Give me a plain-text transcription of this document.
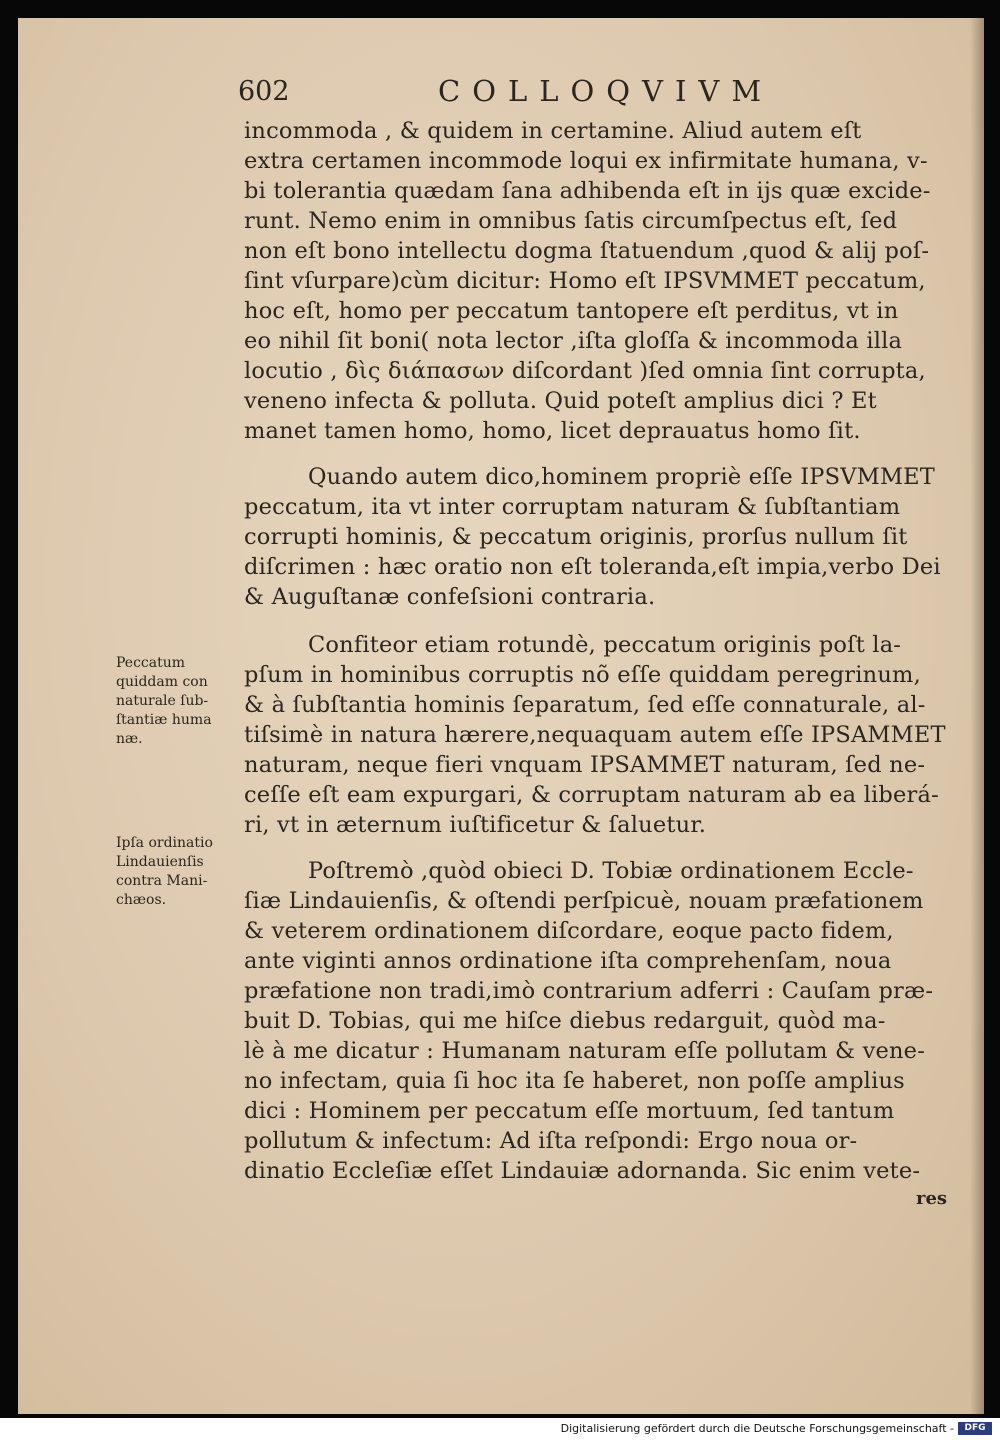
602	COLLOQVIVM
incommoda , & quidem in certamine. Aliud autem eſt
extra certamen incommode loqui ex infirmitate humana, v-
bi tolerantia quædam ſana adhibenda eſt in ijs quæ excide-
runt. Nemo enim in omnibus ſatis circumſpectus eſt, ſed
non eſt bono intellectu dogma ſtatuendum ,quod & alij poſ-
ſint vſurpare)cùm dicitur: Homo eſt IPSVMMET peccatum,
hoc eſt, homo per peccatum tantopere eſt perditus, vt in
eo nihil ſit boni( nota lector ,iſta gloſſa & incommoda illa
locutio , δὶς διάπασων diſcordant )ſed omnia ſint corrupta,
veneno infecta & polluta. Quid poteſt amplius dici ? Et
manet tamen homo, homo, licet deprauatus homo ſit.
Quando autem dico,hominem propriè eſſe IPSVMMET
peccatum, ita vt inter corruptam naturam & ſubſtantiam
corrupti hominis, & peccatum originis, prorſus nullum ſit
diſcrimen : hæc oratio non eſt toleranda,eſt impia,verbo Dei
& Auguſtanæ confeſsioni contraria.
Confiteor etiam rotundè, peccatum originis poſt la-
pſum in hominibus corruptis nõ eſſe quiddam peregrinum,
& à ſubſtantia hominis ſeparatum, ſed eſſe connaturale, al-
tiſsimè in natura hærere,nequaquam autem eſſe IPSAMMET
naturam, neque fieri vnquam IPSAMMET naturam, ſed ne-
ceſſe eſt eam expurgari, & corruptam naturam ab ea liberá-
ri, vt in æternum iuſtificetur & ſaluetur.
Poſtremò ,quòd obieci D. Tobiæ ordinationem Eccle-
ſiæ Lindauienſis, & oſtendi perſpicuè, nouam præfationem
& veterem ordinationem diſcordare, eoque pacto fidem,
ante viginti annos ordinatione iſta comprehenſam, noua
præfatione non tradi,imò contrarium adferri : Cauſam præ-
buit D. Tobias, qui me hiſce diebus redarguit, quòd ma-
lè à me dicatur : Humanam naturam eſſe pollutam & vene-
no infectam, quia ſi hoc ita ſe haberet, non poſſe amplius
dici : Hominem per peccatum eſſe mortuum, ſed tantum
pollutum & infectum: Ad iſta reſpondi: Ergo noua or-
dinatio Eccleſiæ eſſet Lindauiæ adornanda. Sic enim vete-
Peccatum
quiddam con
naturale ſub-
ſtantiæ huma
næ.
Ipſa ordinatio
Lindauienſis
contra Mani-
chæos.
res
Digitalisierung gefördert durch die Deutsche Forschungsgemeinschaft -	DFG
